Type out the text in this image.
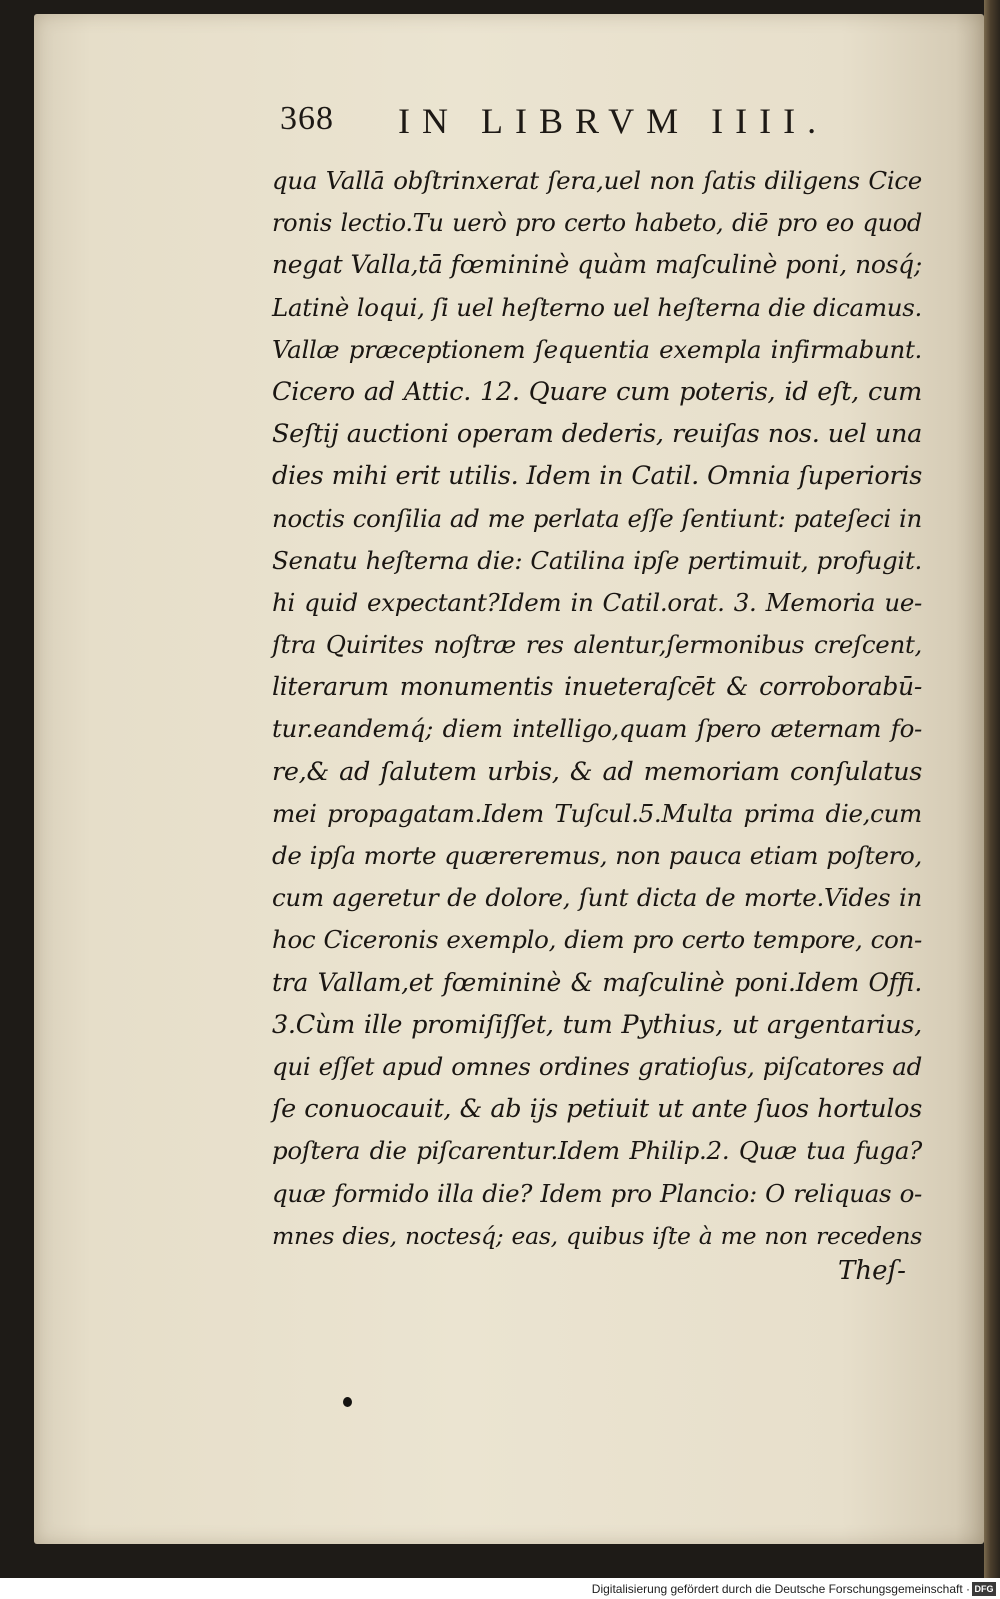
368 IN LIBRVM IIII.
qua Vallā obſtrinxerat ſera,uel non ſatis diligens Cice
ronis lectio.Tu uerò pro certo habeto, diē pro eo quod
negat Valla,tā fœmininè quàm maſculinè poni, nosq́;
Latinè loqui, ſi uel heſterno uel heſterna die dicamus.
Vallæ præceptionem ſequentia exempla infirmabunt.
Cicero ad Attic. 12. Quare cum poteris, id eſt, cum
Seſtij auctioni operam dederis, reuiſas nos. uel una
dies mihi erit utilis. Idem in Catil. Omnia ſuperioris
noctis conſilia ad me perlata eſſe ſentiunt: pateſeci in
Senatu heſterna die: Catilina ipſe pertimuit, profugit.
hi quid expectant?Idem in Catil.orat. 3. Memoria ue-
ſtra Quirites noſtræ res alentur,ſermonibus creſcent,
literarum monumentis inueteraſcēt & corroborabū-
tur.eandemq́; diem intelligo,quam ſpero æternam fo-
re,& ad ſalutem urbis, & ad memoriam conſulatus
mei propagatam.Idem Tuſcul.5.Multa prima die,cum
de ipſa morte quæreremus, non pauca etiam poſtero,
cum ageretur de dolore, ſunt dicta de morte.Vides in
hoc Ciceronis exemplo, diem pro certo tempore, con-
tra Vallam,et fœmininè & maſculinè poni.Idem Offi.
3.Cùm ille promiſiſſet, tum Pythius, ut argentarius,
qui eſſet apud omnes ordines gratioſus, piſcatores ad
ſe conuocauit, & ab ijs petiuit ut ante ſuos hortulos
poſtera die piſcarentur.Idem Philip.2. Quæ tua fuga?
quæ formido illa die? Idem pro Plancio: O reliquas o-
mnes dies, noctesq́; eas, quibus iſte à me non recedens
Theſ-
Digitalisierung gefördert durch die Deutsche Forschungsgemeinschaft · DFG
